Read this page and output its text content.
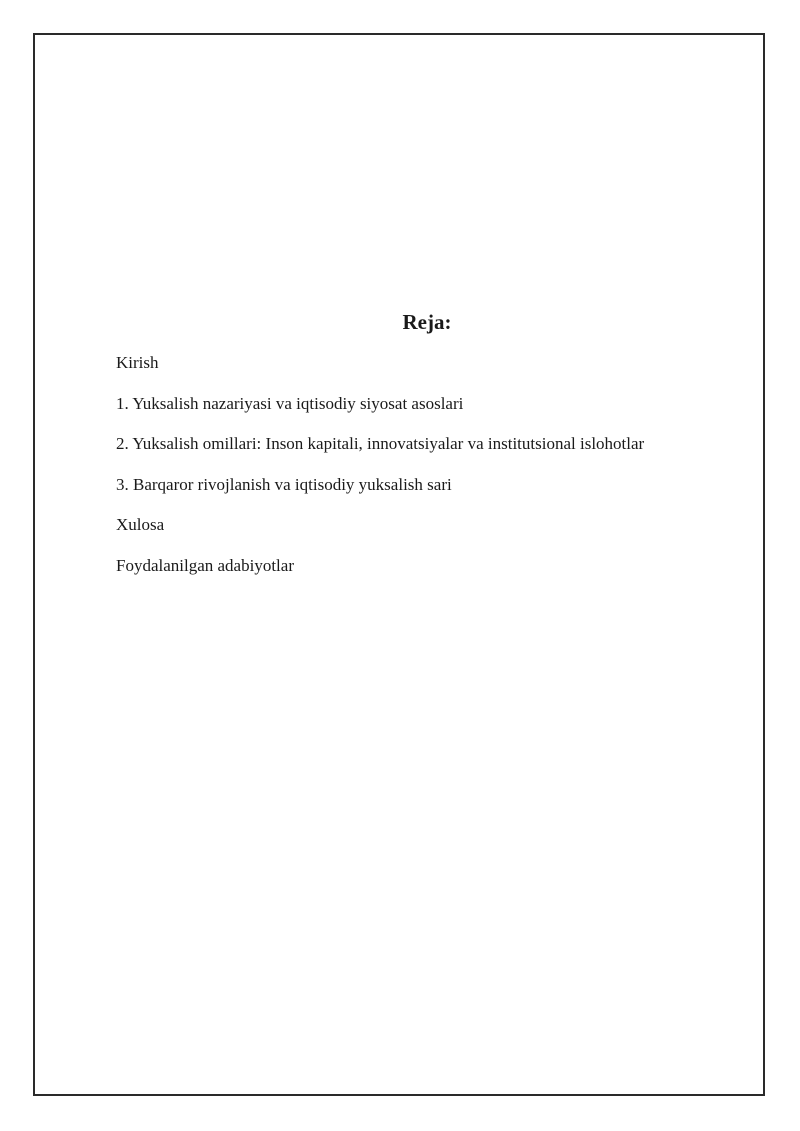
Reja:
Kirish
1. Yuksalish nazariyasi va iqtisodiy siyosat asoslari
2. Yuksalish omillari: Inson kapitali, innovatsiyalar va institutsional islohotlar
3. Barqaror rivojlanish va iqtisodiy yuksalish sari
Xulosa
Foydalanilgan adabiyotlar
